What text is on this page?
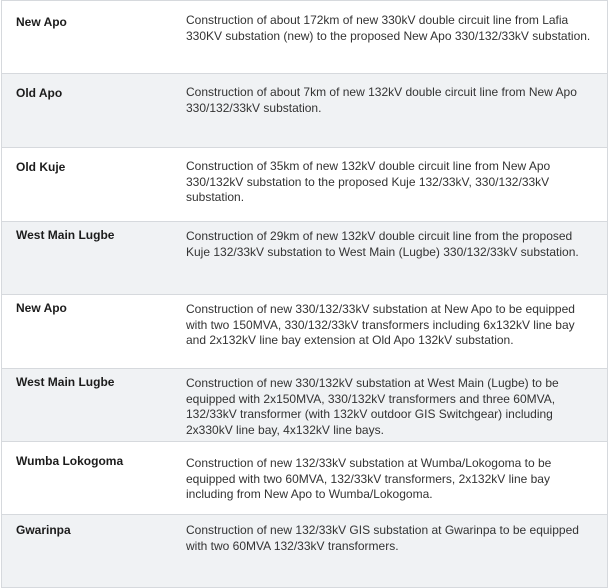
New Apo	Construction of about 172km of new 330kV double circuit line from Lafia 330KV substation (new) to the proposed New Apo 330/132/33kV substation.
Old Apo	Construction of about 7km of new 132kV double circuit line from New Apo 330/132/33kV substation.
Old Kuje	Construction of 35km of new 132kV double circuit line from New Apo 330/132kV substation to the proposed Kuje 132/33kV, 330/132/33kV substation.
West Main Lugbe	Construction of 29km of new 132kV double circuit line from the proposed Kuje 132/33kV substation to West Main (Lugbe) 330/132/33kV substation.
New Apo	Construction of new 330/132/33kV substation at New Apo to be equipped with two 150MVA, 330/132/33kV transformers including 6x132kV line bay and 2x132kV line bay extension at Old Apo 132kV substation.
West Main Lugbe	Construction of new 330/132kV substation at West Main (Lugbe) to be equipped with 2x150MVA, 330/132kV transformers and three 60MVA, 132/33kV transformer (with 132kV outdoor GIS Switchgear) including 2x330kV line bay, 4x132kV line bays.
Wumba Lokogoma	Construction of new 132/33kV substation at Wumba/Lokogoma to be equipped with two 60MVA, 132/33kV transformers, 2x132kV line bay including from New Apo to Wumba/Lokogoma.
Gwarinpa	Construction of new 132/33kV GIS substation at Gwarinpa to be equipped with two 60MVA 132/33kV transformers.
